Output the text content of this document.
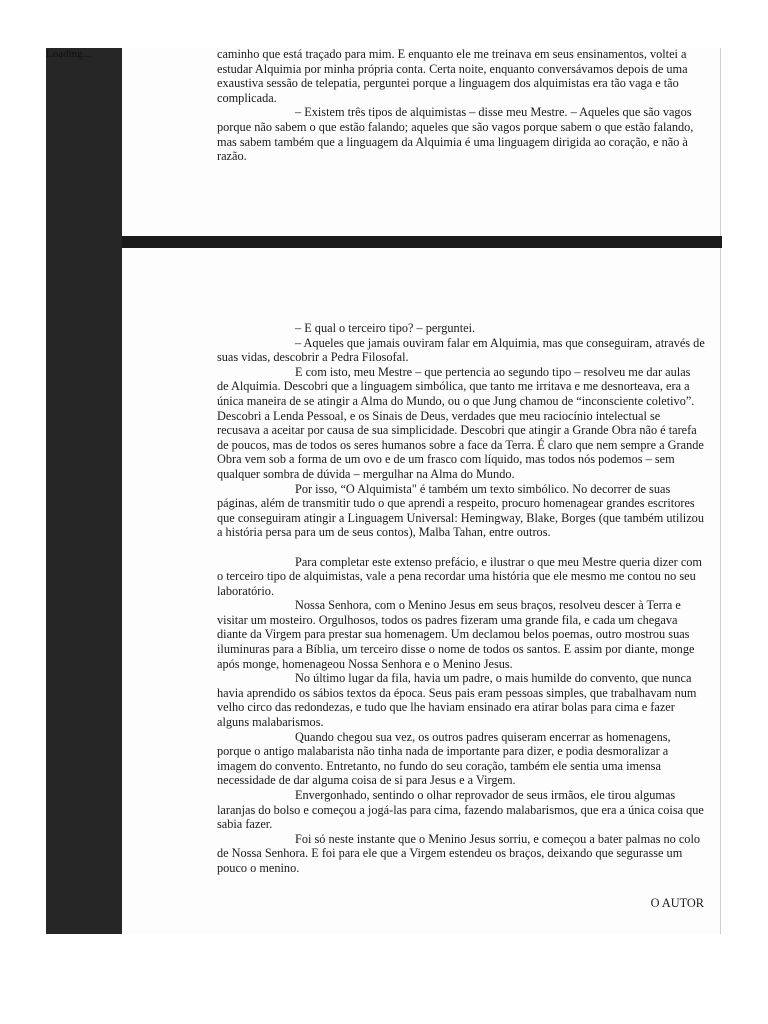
Loading...	caminho que está traçado para mim. E enquanto ele me treinava em seus ensinamentos, voltei a estudar Alquimia por minha própria conta. Certa noite, enquanto conversávamos depois de uma exaustiva sessão de telepatia, perguntei porque a linguagem dos alquimistas era tão vaga e tão complicada.

– Existem três tipos de alquimistas – disse meu Mestre. – Aqueles que são vagos porque não sabem o que estão falando; aqueles que são vagos porque sabem o que estão falando, mas sabem também que a linguagem da Alquimia é uma linguagem dirigida ao coração, e não à razão.

– E qual o terceiro tipo? – perguntei.

– Aqueles que jamais ouviram falar em Alquimia, mas que conseguiram, através de suas vidas, descobrir a Pedra Filosofal.

E com isto, meu Mestre – que pertencia ao segundo tipo – resolveu me dar aulas de Alquimia. Descobri que a linguagem simbólica, que tanto me irritava e me desnorteava, era a única maneira de se atingir a Alma do Mundo, ou o que Jung chamou de “inconsciente coletivo”. Descobri a Lenda Pessoal, e os Sinais de Deus, verdades que meu raciocínio intelectual se recusava a aceitar por causa de sua simplicidade. Descobri que atingir a Grande Obra não é tarefa de poucos, mas de todos os seres humanos sobre a face da Terra. É claro que nem sempre a Grande Obra vem sob a forma de um ovo e de um frasco com líquido, mas todos nós podemos – sem qualquer sombra de dúvida – mergulhar na Alma do Mundo.

Por isso, “O Alquimista" é também um texto simbólico. No decorrer de suas páginas, além de transmitir tudo o que aprendi a respeito, procuro homenagear grandes escritores que conseguiram atingir a Linguagem Universal: Hemingway, Blake, Borges (que também utilizou a história persa para um de seus contos), Malba Tahan, entre outros.

Para completar este extenso prefácio, e ilustrar o que meu Mestre queria dizer com o terceiro tipo de alquimistas, vale a pena recordar uma história que ele mesmo me contou no seu laboratório.

Nossa Senhora, com o Menino Jesus em seus braços, resolveu descer à Terra e visitar um mosteiro. Orgulhosos, todos os padres fizeram uma grande fila, e cada um chegava diante da Virgem para prestar sua homenagem. Um declamou belos poemas, outro mostrou suas iluminuras para a Bíblia, um terceiro disse o nome de todos os santos. E assim por diante, monge após monge, homenageou Nossa Senhora e o Menino Jesus.

No último lugar da fila, havia um padre, o mais humilde do convento, que nunca havia aprendido os sábios textos da época. Seus pais eram pessoas simples, que trabalhavam num velho circo das redondezas, e tudo que lhe haviam ensinado era atirar bolas para cima e fazer alguns malabarismos.

Quando chegou sua vez, os outros padres quiseram encerrar as homenagens, porque o antigo malabarista não tinha nada de importante para dizer, e podia desmoralizar a imagem do convento. Entretanto, no fundo do seu coração, também ele sentia uma imensa necessidade de dar alguma coisa de si para Jesus e a Virgem.

Envergonhado, sentindo o olhar reprovador de seus irmãos, ele tirou algumas laranjas do bolso e começou a jogá-las para cima, fazendo malabarismos, que era a única coisa que sabia fazer.

Foi só neste instante que o Menino Jesus sorriu, e começou a bater palmas no colo de Nossa Senhora. E foi para ele que a Virgem estendeu os braços, deixando que segurasse um pouco o menino.

O AUTOR
